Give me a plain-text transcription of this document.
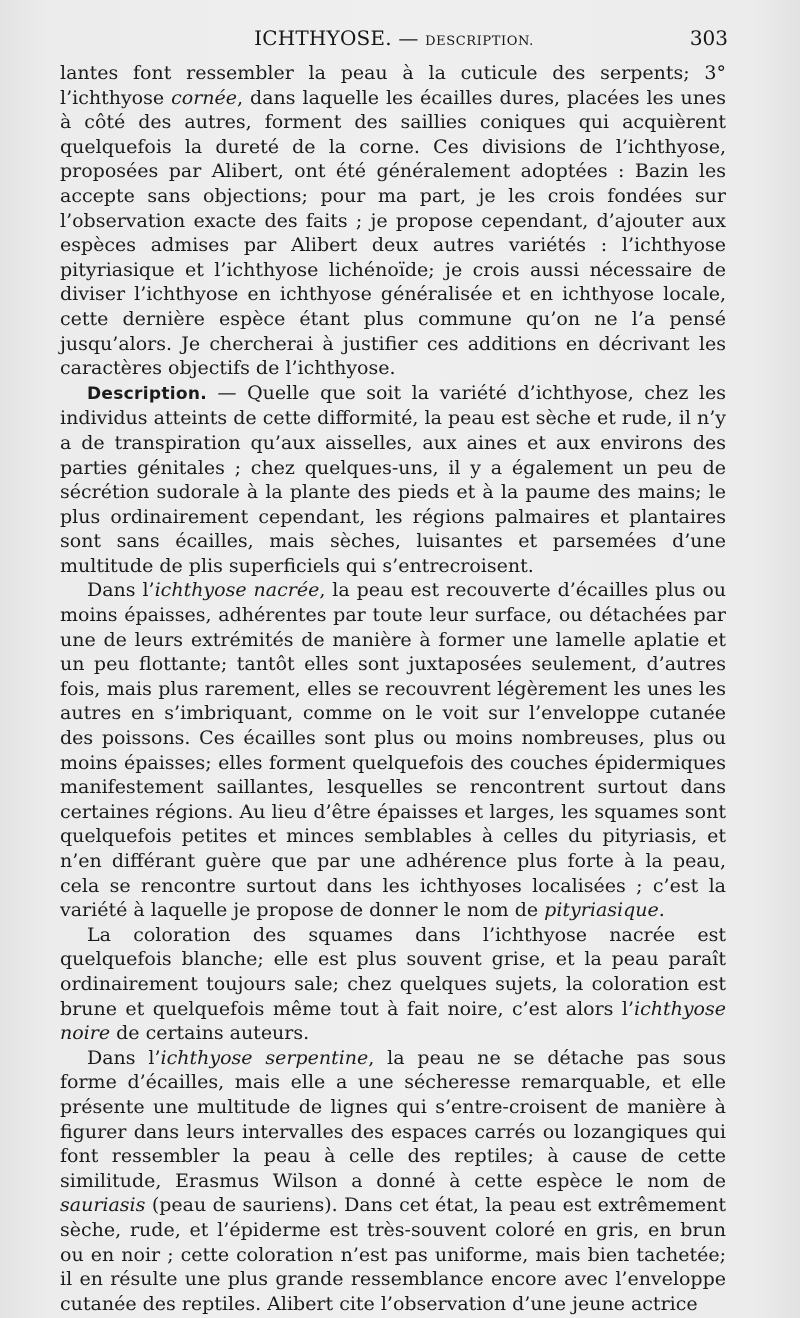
ICHTHYOSE. — DESCRIPTION.	303

lantes font ressembler la peau à la cuticule des serpents; 3° l’ichthyose cornée, dans laquelle les écailles dures, placées les unes à côté des autres, forment des saillies coniques qui acquièrent quelquefois la dureté de la corne. Ces divisions de l’ichthyose, proposées par Alibert, ont été généralement adoptées : Bazin les accepte sans objections; pour ma part, je les crois fondées sur l’observation exacte des faits ; je propose cependant, d’ajouter aux espèces admises par Alibert deux autres variétés : l’ichthyose pityriasique et l’ichthyose lichénoïde; je crois aussi nécessaire de diviser l’ichthyose en ichthyose généralisée et en ichthyose locale, cette dernière espèce étant plus commune qu’on ne l’a pensé jusqu’alors. Je chercherai à justifier ces additions en décrivant les caractères objectifs de l’ichthyose.

Description. — Quelle que soit la variété d’ichthyose, chez les individus atteints de cette difformité, la peau est sèche et rude, il n’y a de transpiration qu’aux aisselles, aux aines et aux environs des parties génitales ; chez quelques-uns, il y a également un peu de sécrétion sudorale à la plante des pieds et à la paume des mains; le plus ordinairement cependant, les régions palmaires et plantaires sont sans écailles, mais sèches, luisantes et parsemées d’une multitude de plis superficiels qui s’entrecroisent.

Dans l’ichthyose nacrée, la peau est recouverte d’écailles plus ou moins épaisses, adhérentes par toute leur surface, ou détachées par une de leurs extrémités de manière à former une lamelle aplatie et un peu flottante; tantôt elles sont juxtaposées seulement, d’autres fois, mais plus rarement, elles se recouvrent légèrement les unes les autres en s’imbriquant, comme on le voit sur l’enveloppe cutanée des poissons. Ces écailles sont plus ou moins nombreuses, plus ou moins épaisses; elles forment quelquefois des couches épidermiques manifestement saillantes, lesquelles se rencontrent surtout dans certaines régions. Au lieu d’être épaisses et larges, les squames sont quelquefois petites et minces semblables à celles du pityriasis, et n’en différant guère que par une adhérence plus forte à la peau, cela se rencontre surtout dans les ichthyoses localisées ; c’est la variété à laquelle je propose de donner le nom de pityriasique.

La coloration des squames dans l’ichthyose nacrée est quelquefois blanche; elle est plus souvent grise, et la peau paraît ordinairement toujours sale; chez quelques sujets, la coloration est brune et quelquefois même tout à fait noire, c’est alors l’ichthyose noire de certains auteurs.

Dans l’ichthyose serpentine, la peau ne se détache pas sous forme d’écailles, mais elle a une sécheresse remarquable, et elle présente une multitude de lignes qui s’entre-croisent de manière à figurer dans leurs intervalles des espaces carrés ou lozangiques qui font ressembler la peau à celle des reptiles; à cause de cette similitude, Erasmus Wilson a donné à cette espèce le nom de sauriasis (peau de sauriens). Dans cet état, la peau est extrêmement sèche, rude, et l’épiderme est très-souvent coloré en gris, en brun ou en noir ; cette coloration n’est pas uniforme, mais bien tachetée; il en résulte une plus grande ressemblance encore avec l’enveloppe cutanée des reptiles. Alibert cite l’observation d’une jeune actrice
